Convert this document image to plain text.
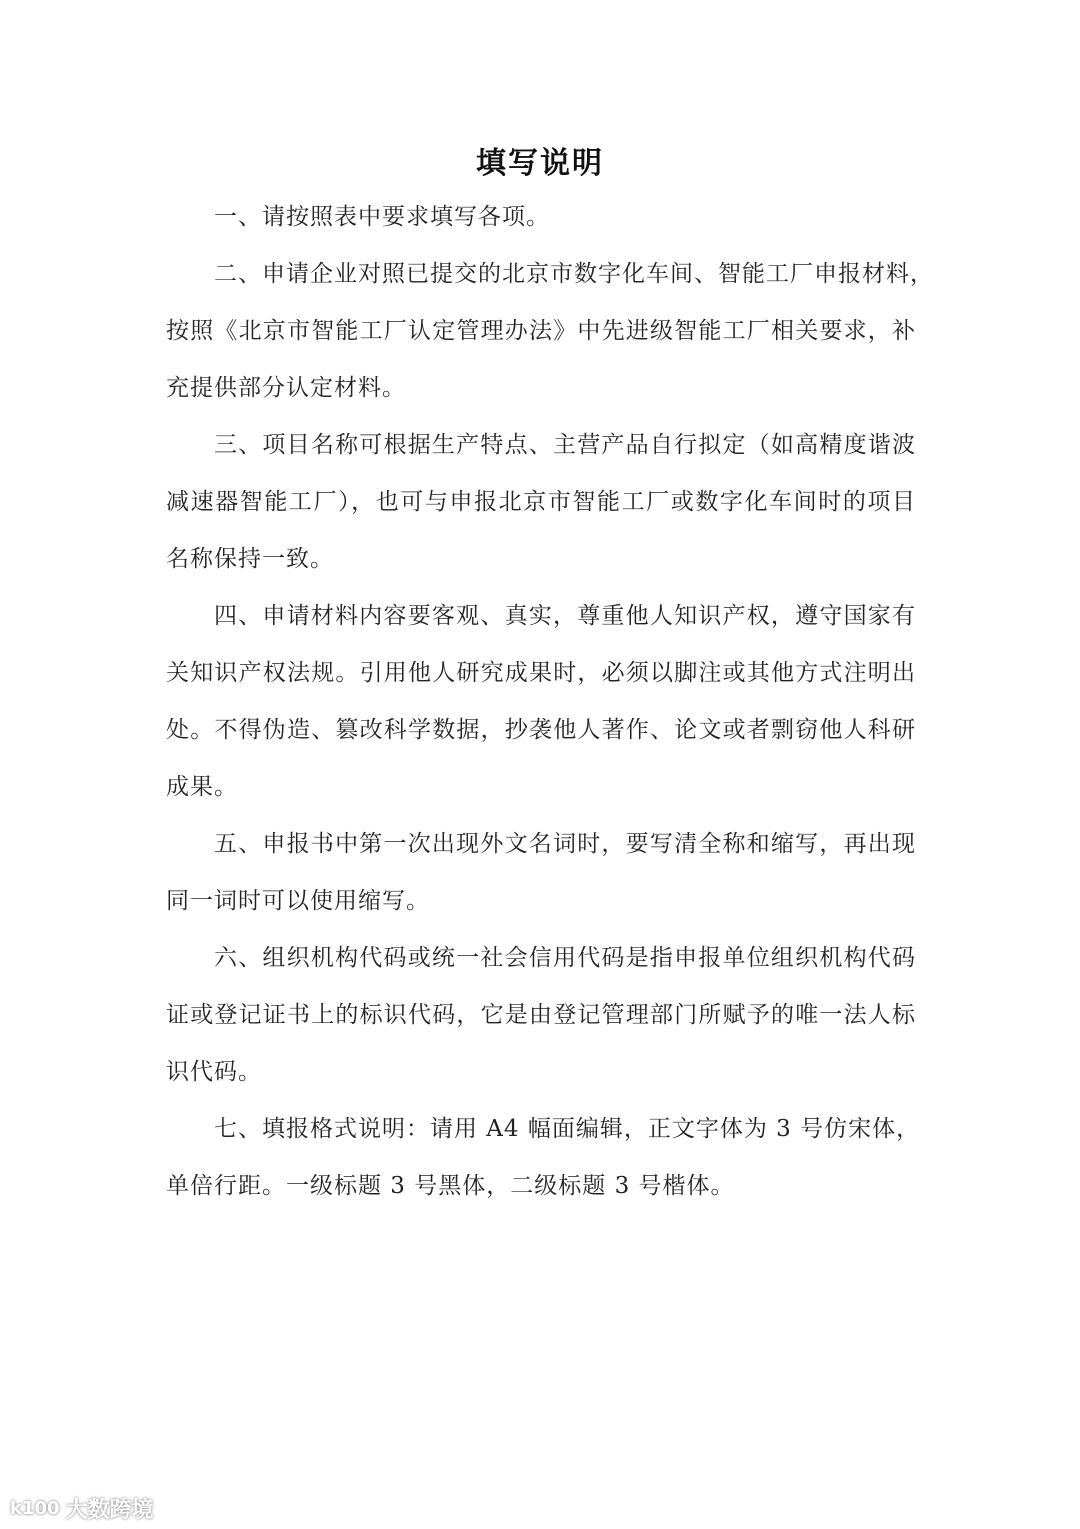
填写说明
一、请按照表中要求填写各项。
二、申请企业对照已提交的北京市数字化车间、智能工厂申报材料，
按照《北京市智能工厂认定管理办法》中先进级智能工厂相关要求，补
充提供部分认定材料。
三、项目名称可根据生产特点、主营产品自行拟定（如高精度谐波
减速器智能工厂），也可与申报北京市智能工厂或数字化车间时的项目
名称保持一致。
四、申请材料内容要客观、真实，尊重他人知识产权，遵守国家有
关知识产权法规。引用他人研究成果时，必须以脚注或其他方式注明出
处。不得伪造、篡改科学数据，抄袭他人著作、论文或者剽窃他人科研
成果。
五、申报书中第一次出现外文名词时，要写清全称和缩写，再出现
同一词时可以使用缩写。
六、组织机构代码或统一社会信用代码是指申报单位组织机构代码
证或登记证书上的标识代码，它是由登记管理部门所赋予的唯一法人标
识代码。
七、填报格式说明：请用 A4 幅面编辑，正文字体为 3 号仿宋体，
单倍行距。一级标题 3 号黑体，二级标题 3 号楷体。
k100 大数跨境
